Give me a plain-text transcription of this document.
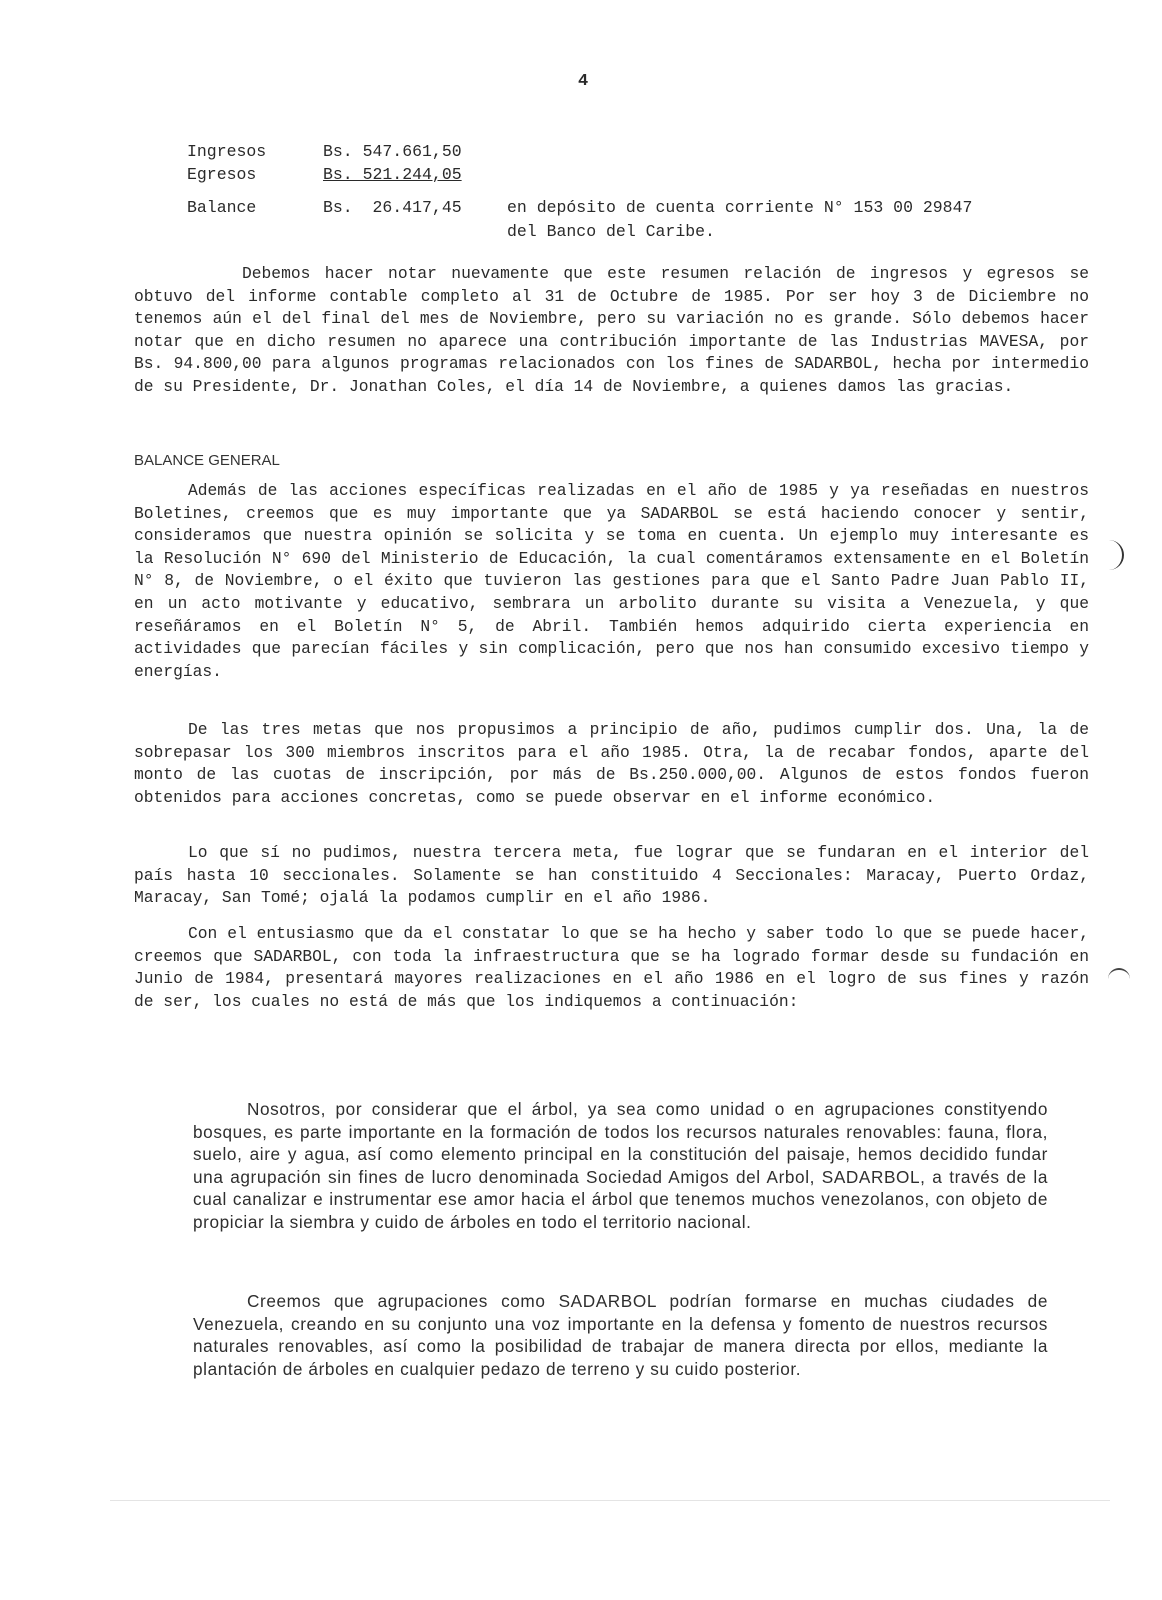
4
Ingresos	Bs. 547.661,50
Egresos	Bs. 521.244,05
Balance	Bs.  26.417,45	en depósito de cuenta corriente N° 153 00 29847
del Banco del Caribe.

Debemos hacer notar nuevamente que este resumen relación de ingresos y egresos se obtuvo del informe contable completo al 31 de Octubre de 1985. Por ser hoy 3 de Diciembre no tenemos aún el del final del mes de Noviembre, pero su variación no es grande. Sólo debemos hacer notar que en dicho resumen no aparece una contribución importante de las Industrias MAVESA, por Bs. 94.800,00 para algunos programas relacionados con los fines de SADARBOL, hecha por intermedio de su Presidente, Dr. Jonathan Coles, el día 14 de Noviembre, a quienes damos las gracias.

BALANCE GENERAL

Además de las acciones específicas realizadas en el año de 1985 y ya reseñadas en nuestros Boletines, creemos que es muy importante que ya SADARBOL se está haciendo conocer y sentir, consideramos que nuestra opinión se solicita y se toma en cuenta. Un ejemplo muy interesante es la Resolución N° 690 del Ministerio de Educación, la cual comentáramos extensamente en el Boletín N° 8, de Noviembre, o el éxito que tuvieron las gestiones para que el Santo Padre Juan Pablo II, en un acto motivante y educativo, sembrara un arbolito durante su visita a Venezuela, y que reseñáramos en el Boletín N° 5, de Abril. También hemos adquirido cierta experiencia en actividades que parecían fáciles y sin complicación, pero que nos han consumido excesivo tiempo y energías.

De las tres metas que nos propusimos a principio de año, pudimos cumplir dos. Una, la de sobrepasar los 300 miembros inscritos para el año 1985. Otra, la de recabar fondos, aparte del monto de las cuotas de inscripción, por más de Bs.250.000,00. Algunos de estos fondos fueron obtenidos para acciones concretas, como se puede observar en el informe económico.

Lo que sí no pudimos, nuestra tercera meta, fue lograr que se fundaran en el interior del país hasta 10 seccionales. Solamente se han constituido 4 Seccionales: Maracay, Puerto Ordaz, Maracay, San Tomé; ojalá la podamos cumplir en el año 1986.

Con el entusiasmo que da el constatar lo que se ha hecho y saber todo lo que se puede hacer, creemos que SADARBOL, con toda la infraestructura que se ha logrado formar desde su fundación en Junio de 1984, presentará mayores realizaciones en el año 1986 en el logro de sus fines y razón de ser, los cuales no está de más que los indiquemos a continuación:

Nosotros, por considerar que el árbol, ya sea como unidad o en agrupaciones constityendo bosques, es parte importante en la formación de todos los recursos naturales renovables: fauna, flora, suelo, aire y agua, así como elemento principal en la constitución del paisaje, hemos decidido fundar una agrupación sin fines de lucro denominada Sociedad Amigos del Arbol, SADARBOL, a través de la cual canalizar e instrumentar ese amor hacia el árbol que tenemos muchos venezolanos, con objeto de propiciar la siembra y cuido de árboles en todo el territorio nacional.

Creemos que agrupaciones como SADARBOL podrían formarse en muchas ciudades de Venezuela, creando en su conjunto una voz importante en la defensa y fomento de nuestros recursos naturales renovables, así como la posibilidad de trabajar de manera directa por ellos, mediante la plantación de árboles en cualquier pedazo de terreno y su cuido posterior.
